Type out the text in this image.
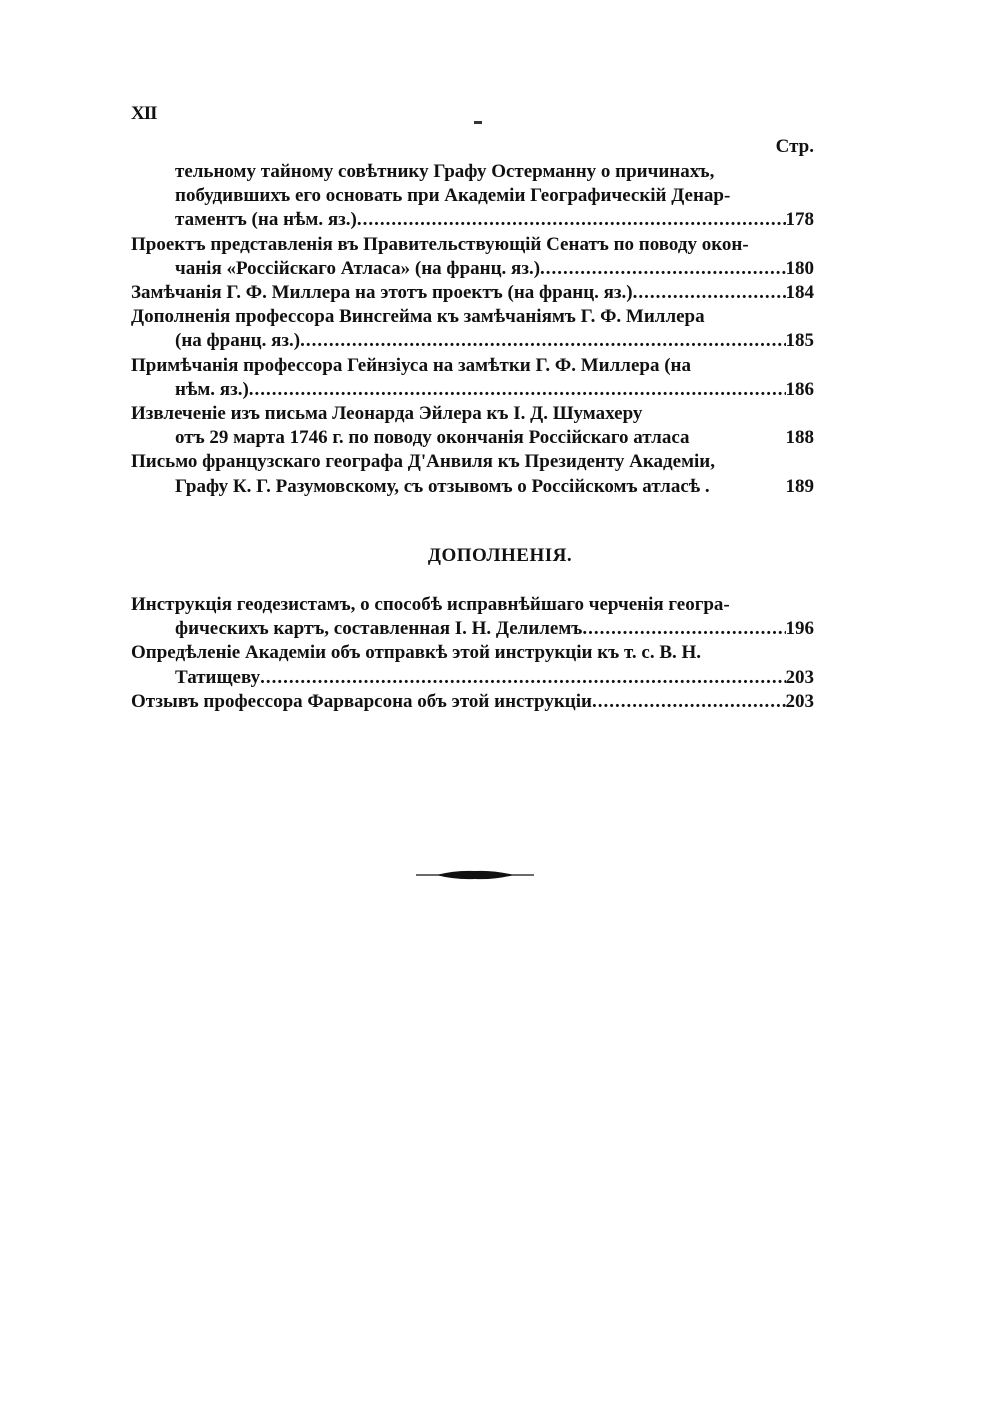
XII
Стр.
тельному тайному совѣтнику Графу Остерманну о причинахъ,
побудившихъ его основать при Академіи Географическій Денар-
таментъ (на нѣм. яз.) .....	178
Проектъ представленія въ Правительствующій Сенатъ по поводу окон-
чанія «Россійскаго Атласа» (на франц. яз.) .....	180
Замѣчанія Г. Ф. Миллера на этотъ проектъ (на франц. яз.) .....	184
Дополненія профессора Винсгейма къ замѣчаніямъ Г. Ф. Миллера
(на франц. яз.) .....	185
Примѣчанія профессора Гейнзіуса на замѣтки Г. Ф. Миллера (на
нѣм. яз.) .....	186
Извлеченіе изъ письма Леонарда Эйлера къ І. Д. Шумахеру
отъ 29 марта 1746 г. по поводу окончанія Россійскаго атласа	188
Письмо французскаго географа Д'Анвиля къ Президенту Академіи,
Графу К. Г. Разумовскому, съ отзывомъ о Россійскомъ атласѣ .	189
ДОПОЛНЕНІЯ.
Инструкція геодезистамъ, о способѣ исправнѣйшаго черченія геогра-
фическихъ картъ, составленная І. Н. Делилемъ .....	196
Опредѣленіе Академіи объ отправкѣ этой инструкціи къ т. с. В. Н.
Татищеву .....	203
Отзывъ профессора Фарварсона объ этой инструкціи .....	203
